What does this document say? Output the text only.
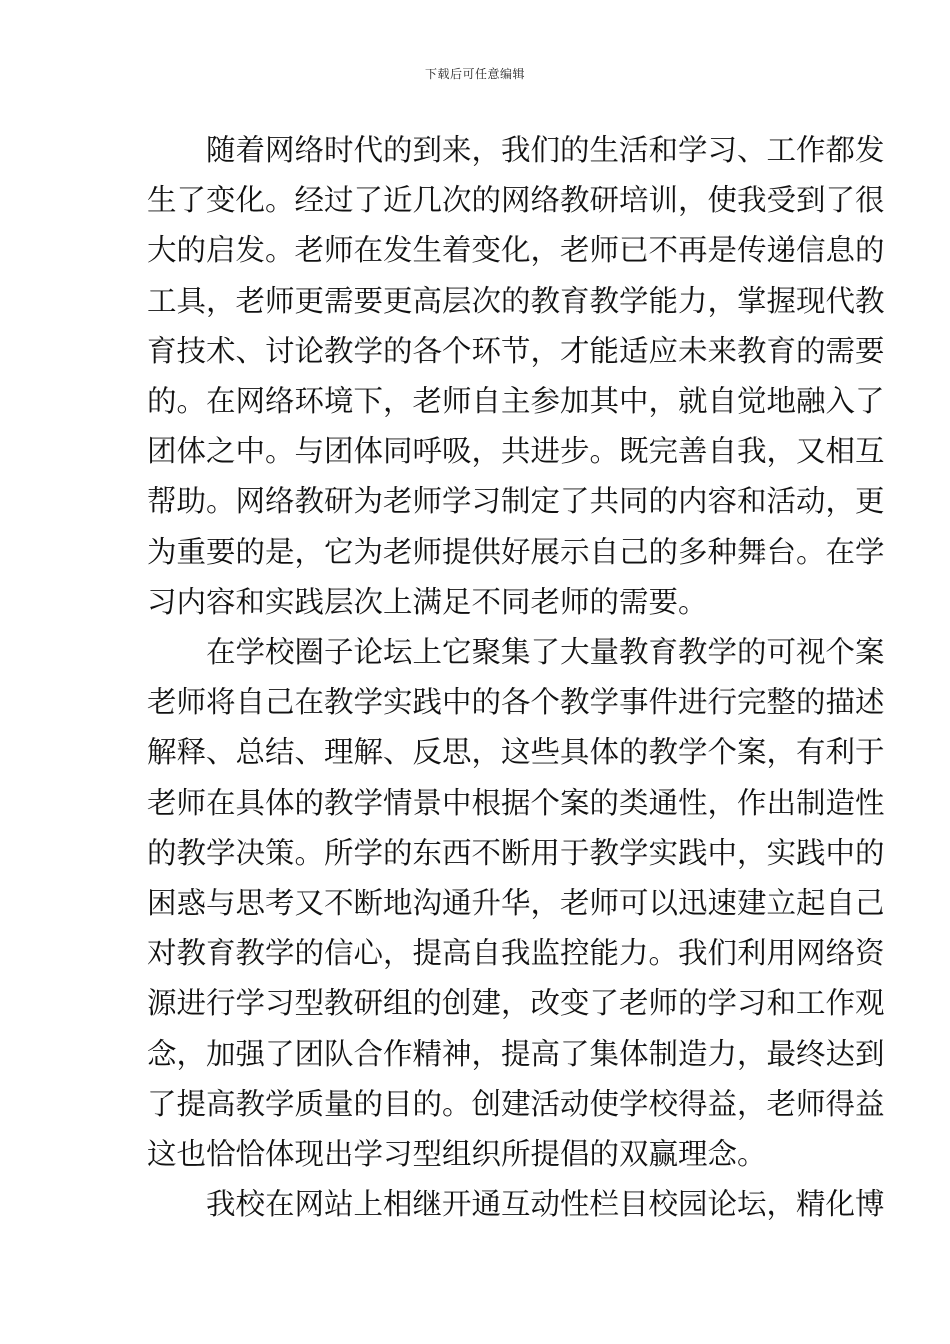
下载后可任意编辑

随着网络时代的到来，我们的生活和学习、工作都发
生了变化。经过了近几次的网络教研培训，使我受到了很
大的启发。老师在发生着变化，老师已不再是传递信息的
工具，老师更需要更高层次的教育教学能力，掌握现代教
育技术、讨论教学的各个环节，才能适应未来教育的需要
的。在网络环境下，老师自主参加其中，就自觉地融入了
团体之中。与团体同呼吸，共进步。既完善自我，又相互
帮助。网络教研为老师学习制定了共同的内容和活动，更
为重要的是，它为老师提供好展示自己的多种舞台。在学
习内容和实践层次上满足不同老师的需要。

在学校圈子论坛上它聚集了大量教育教学的可视个案
老师将自己在教学实践中的各个教学事件进行完整的描述
解释、总结、理解、反思，这些具体的教学个案，有利于
老师在具体的教学情景中根据个案的类通性，作出制造性
的教学决策。所学的东西不断用于教学实践中，实践中的
困惑与思考又不断地沟通升华，老师可以迅速建立起自己
对教育教学的信心，提高自我监控能力。我们利用网络资
源进行学习型教研组的创建，改变了老师的学习和工作观
念，加强了团队合作精神，提高了集体制造力，最终达到
了提高教学质量的目的。创建活动使学校得益，老师得益
这也恰恰体现出学习型组织所提倡的双赢理念。

我校在网站上相继开通互动性栏目校园论坛，精化博
